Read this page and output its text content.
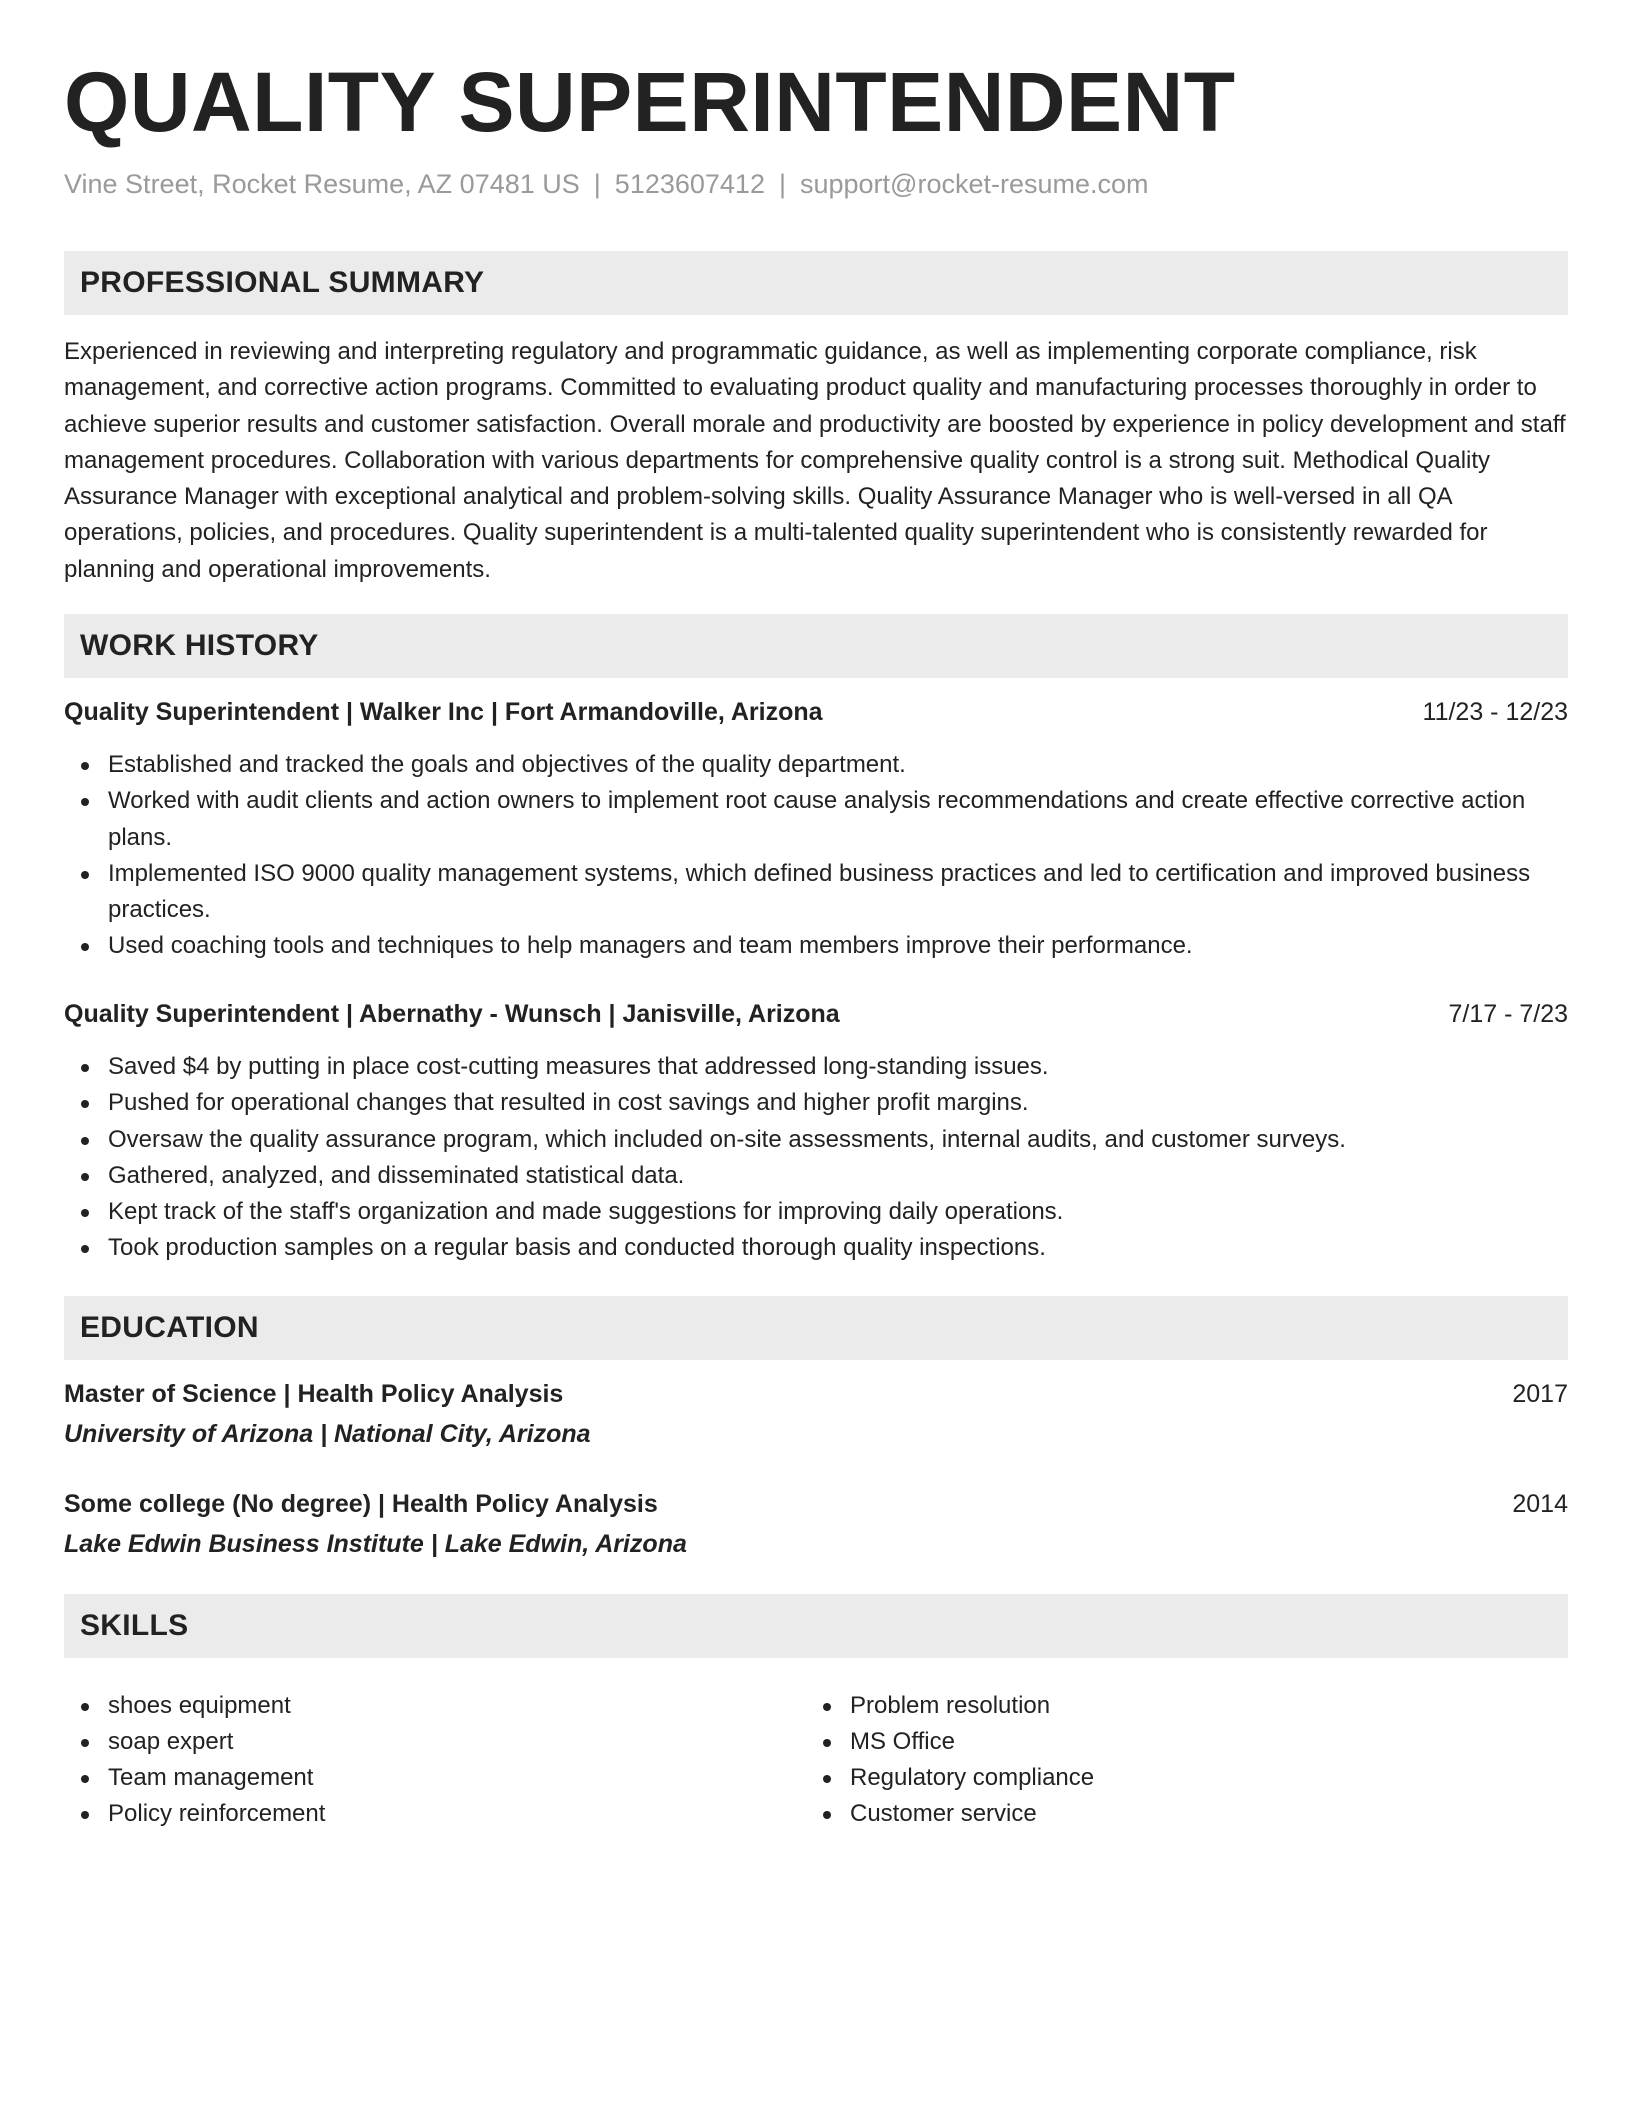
QUALITY SUPERINTENDENT
Vine Street, Rocket Resume, AZ 07481 US | 5123607412 | support@rocket-resume.com
PROFESSIONAL SUMMARY

Experienced in reviewing and interpreting regulatory and programmatic guidance, as well as implementing corporate compliance, risk management, and corrective action programs. Committed to evaluating product quality and manufacturing processes thoroughly in order to achieve superior results and customer satisfaction. Overall morale and productivity are boosted by experience in policy development and staff management procedures. Collaboration with various departments for comprehensive quality control is a strong suit. Methodical Quality Assurance Manager with exceptional analytical and problem-solving skills. Quality Assurance Manager who is well-versed in all QA operations, policies, and procedures. Quality superintendent is a multi-talented quality superintendent who is consistently rewarded for planning and operational improvements.

WORK HISTORY
Quality Superintendent | Walker Inc | Fort Armandoville, Arizona	11/23 - 12/23
Established and tracked the goals and objectives of the quality department.
Worked with audit clients and action owners to implement root cause analysis recommendations and create effective corrective action plans.
Implemented ISO 9000 quality management systems, which defined business practices and led to certification and improved business practices.
Used coaching tools and techniques to help managers and team members improve their performance.
Quality Superintendent | Abernathy - Wunsch | Janisville, Arizona	7/17 - 7/23
Saved $4 by putting in place cost-cutting measures that addressed long-standing issues.
Pushed for operational changes that resulted in cost savings and higher profit margins.
Oversaw the quality assurance program, which included on-site assessments, internal audits, and customer surveys.
Gathered, analyzed, and disseminated statistical data.
Kept track of the staff's organization and made suggestions for improving daily operations.
Took production samples on a regular basis and conducted thorough quality inspections.
EDUCATION
Master of Science | Health Policy Analysis	2017
University of Arizona | National City, Arizona
Some college (No degree) | Health Policy Analysis	2014
Lake Edwin Business Institute | Lake Edwin, Arizona
SKILLS
shoes equipment
soap expert
Team management
Policy reinforcement
Problem resolution
MS Office
Regulatory compliance
Customer service
